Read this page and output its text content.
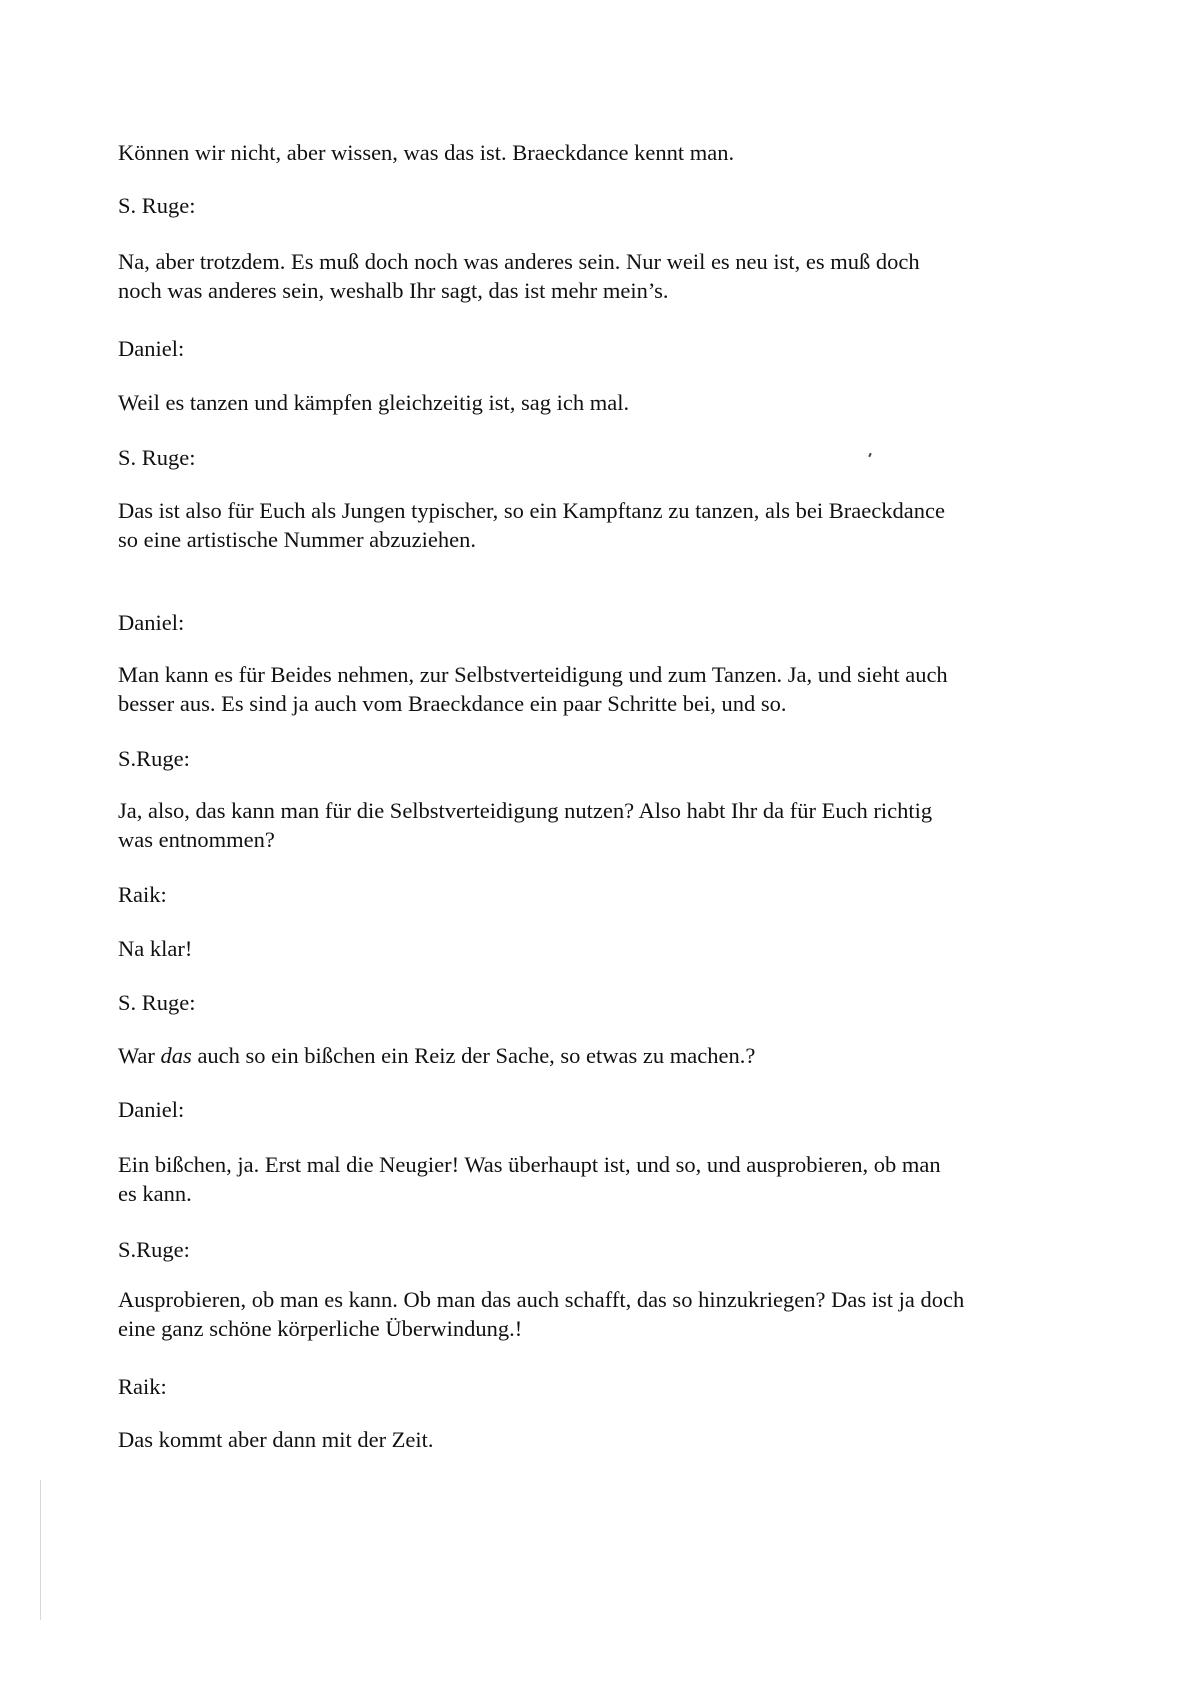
Können wir nicht, aber wissen, was das ist. Braeckdance kennt man.

S. Ruge:

Na, aber trotzdem. Es muß doch noch was anderes sein. Nur weil es neu ist, es muß doch

noch was anderes sein, weshalb Ihr sagt, das ist mehr mein’s.

Daniel:

Weil es tanzen und kämpfen gleichzeitig ist, sag ich mal.

S. Ruge:

Das ist also für Euch als Jungen typischer, so ein Kampftanz zu tanzen, als bei Braeckdance

so eine artistische Nummer abzuziehen.

Daniel:

Man kann es für Beides nehmen, zur Selbstverteidigung und zum Tanzen. Ja, und sieht auch

besser aus. Es sind ja auch vom Braeckdance ein paar Schritte bei, und so.

S.Ruge:

Ja, also, das kann man für die Selbstverteidigung nutzen? Also habt Ihr da für Euch richtig

was entnommen?

Raik:

Na klar!

S. Ruge:

War das auch so ein bißchen ein Reiz der Sache, so etwas zu machen.?

Daniel:

Ein bißchen, ja. Erst mal die Neugier! Was überhaupt ist, und so, und ausprobieren, ob man

es kann.

S.Ruge:

Ausprobieren, ob man es kann. Ob man das auch schafft, das so hinzukriegen? Das ist ja doch

eine ganz schöne körperliche Überwindung.!

Raik:

Das kommt aber dann mit der Zeit.
